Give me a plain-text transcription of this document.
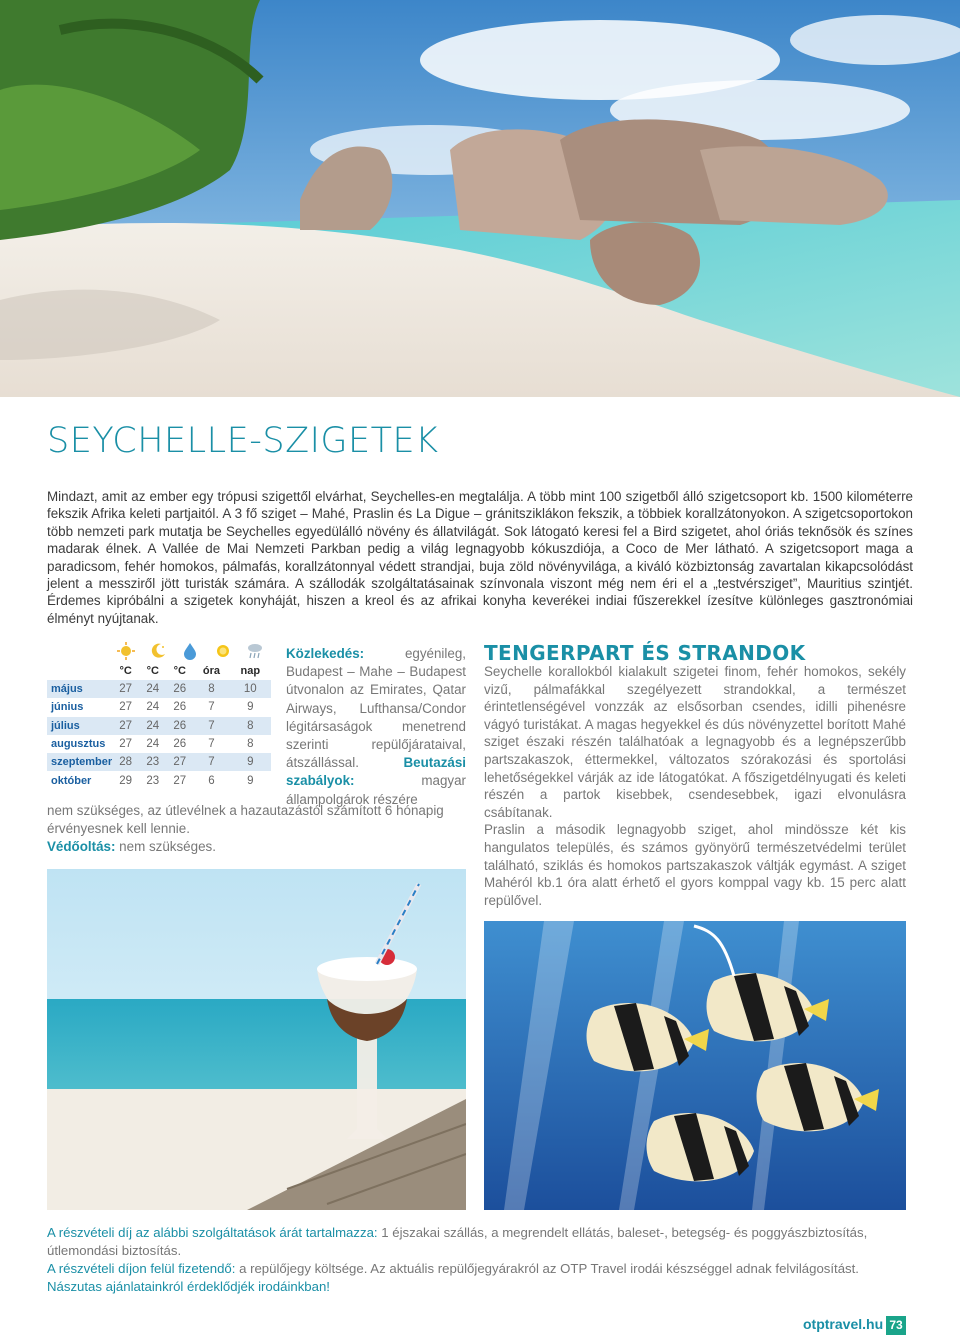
SEYCHELLE-SZIGETEK

Mindazt, amit az ember egy trópusi szigettől elvárhat, Seychelles-en megtalálja. A több mint 100 szigetből álló szigetcsoport kb. 1500 kilométerre fekszik Afrika keleti partjaitól. A 3 fő sziget – Mahé, Praslin és La Digue – gránitsziklákon fekszik, a többiek korallzátonyokon. A szigetcsoportokon több nemzeti park mutatja be Seychelles egyedülálló növény és állatvilágát. Sok látogató keresi fel a Bird szigetet, ahol óriás teknősök és színes madarak élnek. A Vallée de Mai Nemzeti Parkban pedig a világ legnagyobb kókuszdiója, a Coco de Mer látható. A szigetcsoport maga a paradicsom, fehér homokos, pálmafás, korallzátonnyal védett strandjai, buja zöld növényvilága, a kiváló közbiztonság zavartalan kikapcsolódást jelent a messziről jött turisták számára. A szállodák szolgáltatásainak színvonala viszont még nem éri el a „testvérsziget”, Mauritius szintjét. Érdemes kipróbálni a szigetek konyháját, hiszen a kreol és az afrikai konyha keverékei indiai fűszerekkel ízesítve különleges gasztronómiai élményt nyújtanak.

	°C	°C	°C	óra	nap
május	27	24	26	8	10
június	27	24	26	7	9
július	27	24	26	7	8
augusztus	27	24	26	7	8
szeptember	28	23	27	7	9
október	29	23	27	6	9
Közlekedés: egyénileg, Budapest – Mahe – Budapest útvonalon az Emirates, Qatar Airways, Lufthansa/Condor légitársaságok menetrend szerinti repülőjárataival, átszállással.	Beutazási szabályok: magyar állampolgárok részére
nem szükséges, az útlevélnek a hazautazástól számított 6 hónapig érvényesnek kell lennie.
Védőoltás: nem szükséges.
TENGERPART ÉS STRANDOK

Seychelle korallokból kialakult szigetei finom, fehér homokos, sekély vizű, pálmafákkal szegélyezett strandokkal, a természet érintetlenségével vonzzák az elsősorban csendes, idilli pihenésre vágyó turistákat. A magas hegyekkel és dús növényzettel borított Mahé sziget északi részén találhatóak a legnagyobb és a legnépszerűbb partszakaszok, éttermekkel, változatos szórakozási és sportolási lehetőségekkel várják az ide látogatókat. A főszigetdélnyugati és keleti részén a partok kisebbek, csendesebbek, igazi elvonulásra csábítanak.

Praslin a második legnagyobb sziget, ahol mindössze két kis hangulatos település, és számos gyönyörű természetvédelmi terület található, sziklás és homokos partszakaszok váltják egymást. A sziget Mahéról kb.1 óra alatt érhető el gyors komppal vagy kb. 15 perc alatt repülővel.

A részvételi díj az alábbi szolgáltatások árát tartalmazza: 1 éjszakai szállás, a megrendelt ellátás, baleset-, betegség- és poggyászbiztosítás, útlemondási biztosítás.
A részvételi díjon felül fizetendő: a repülőjegy költsége. Az aktuális repülőjegyárakról az OTP Travel irodái készséggel adnak felvilágosítást.
Nászutas ajánlatainkról érdeklődjék irodáinkban!
otptravel.hu 73
